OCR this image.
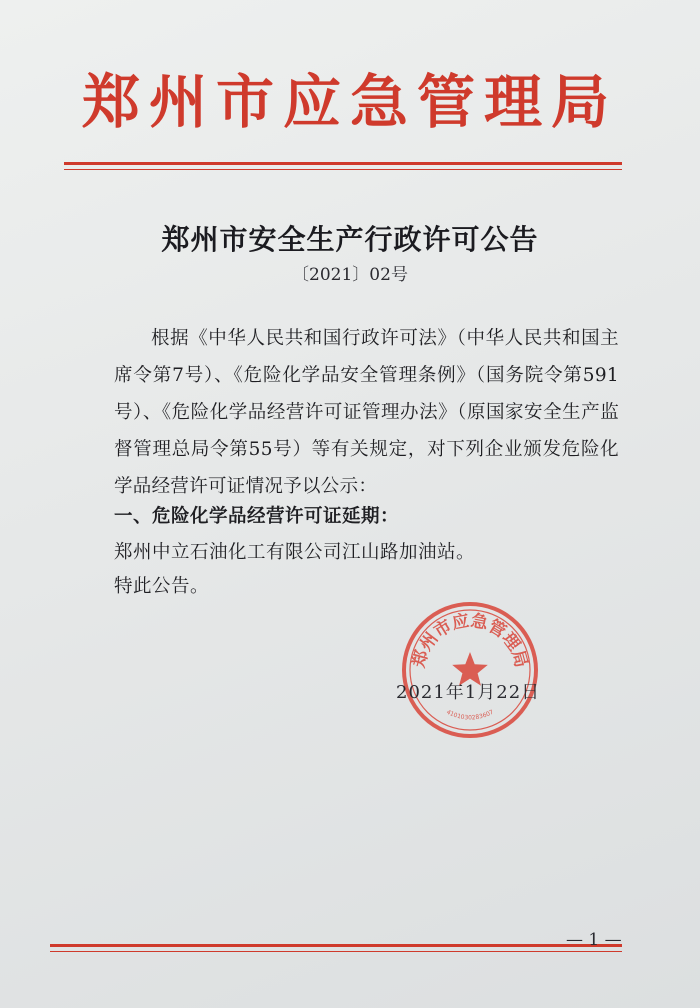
郑州市应急管理局
郑州市安全生产行政许可公告
〔2021〕02号
根据《中华人民共和国行政许可法》（中华人民共和国主席令第7号）、《危险化学品安全管理条例》（国务院令第591号）、《危险化学品经营许可证管理办法》（原国家安全生产监督管理总局令第55号）等有关规定，对下列企业颁发危险化学品经营许可证情况予以公示：
一、危险化学品经营许可证延期：
郑州中立石油化工有限公司江山路加油站。
特此公告。
郑州市应急管理局
4101030283607
2021年1月22日
— 1 —
